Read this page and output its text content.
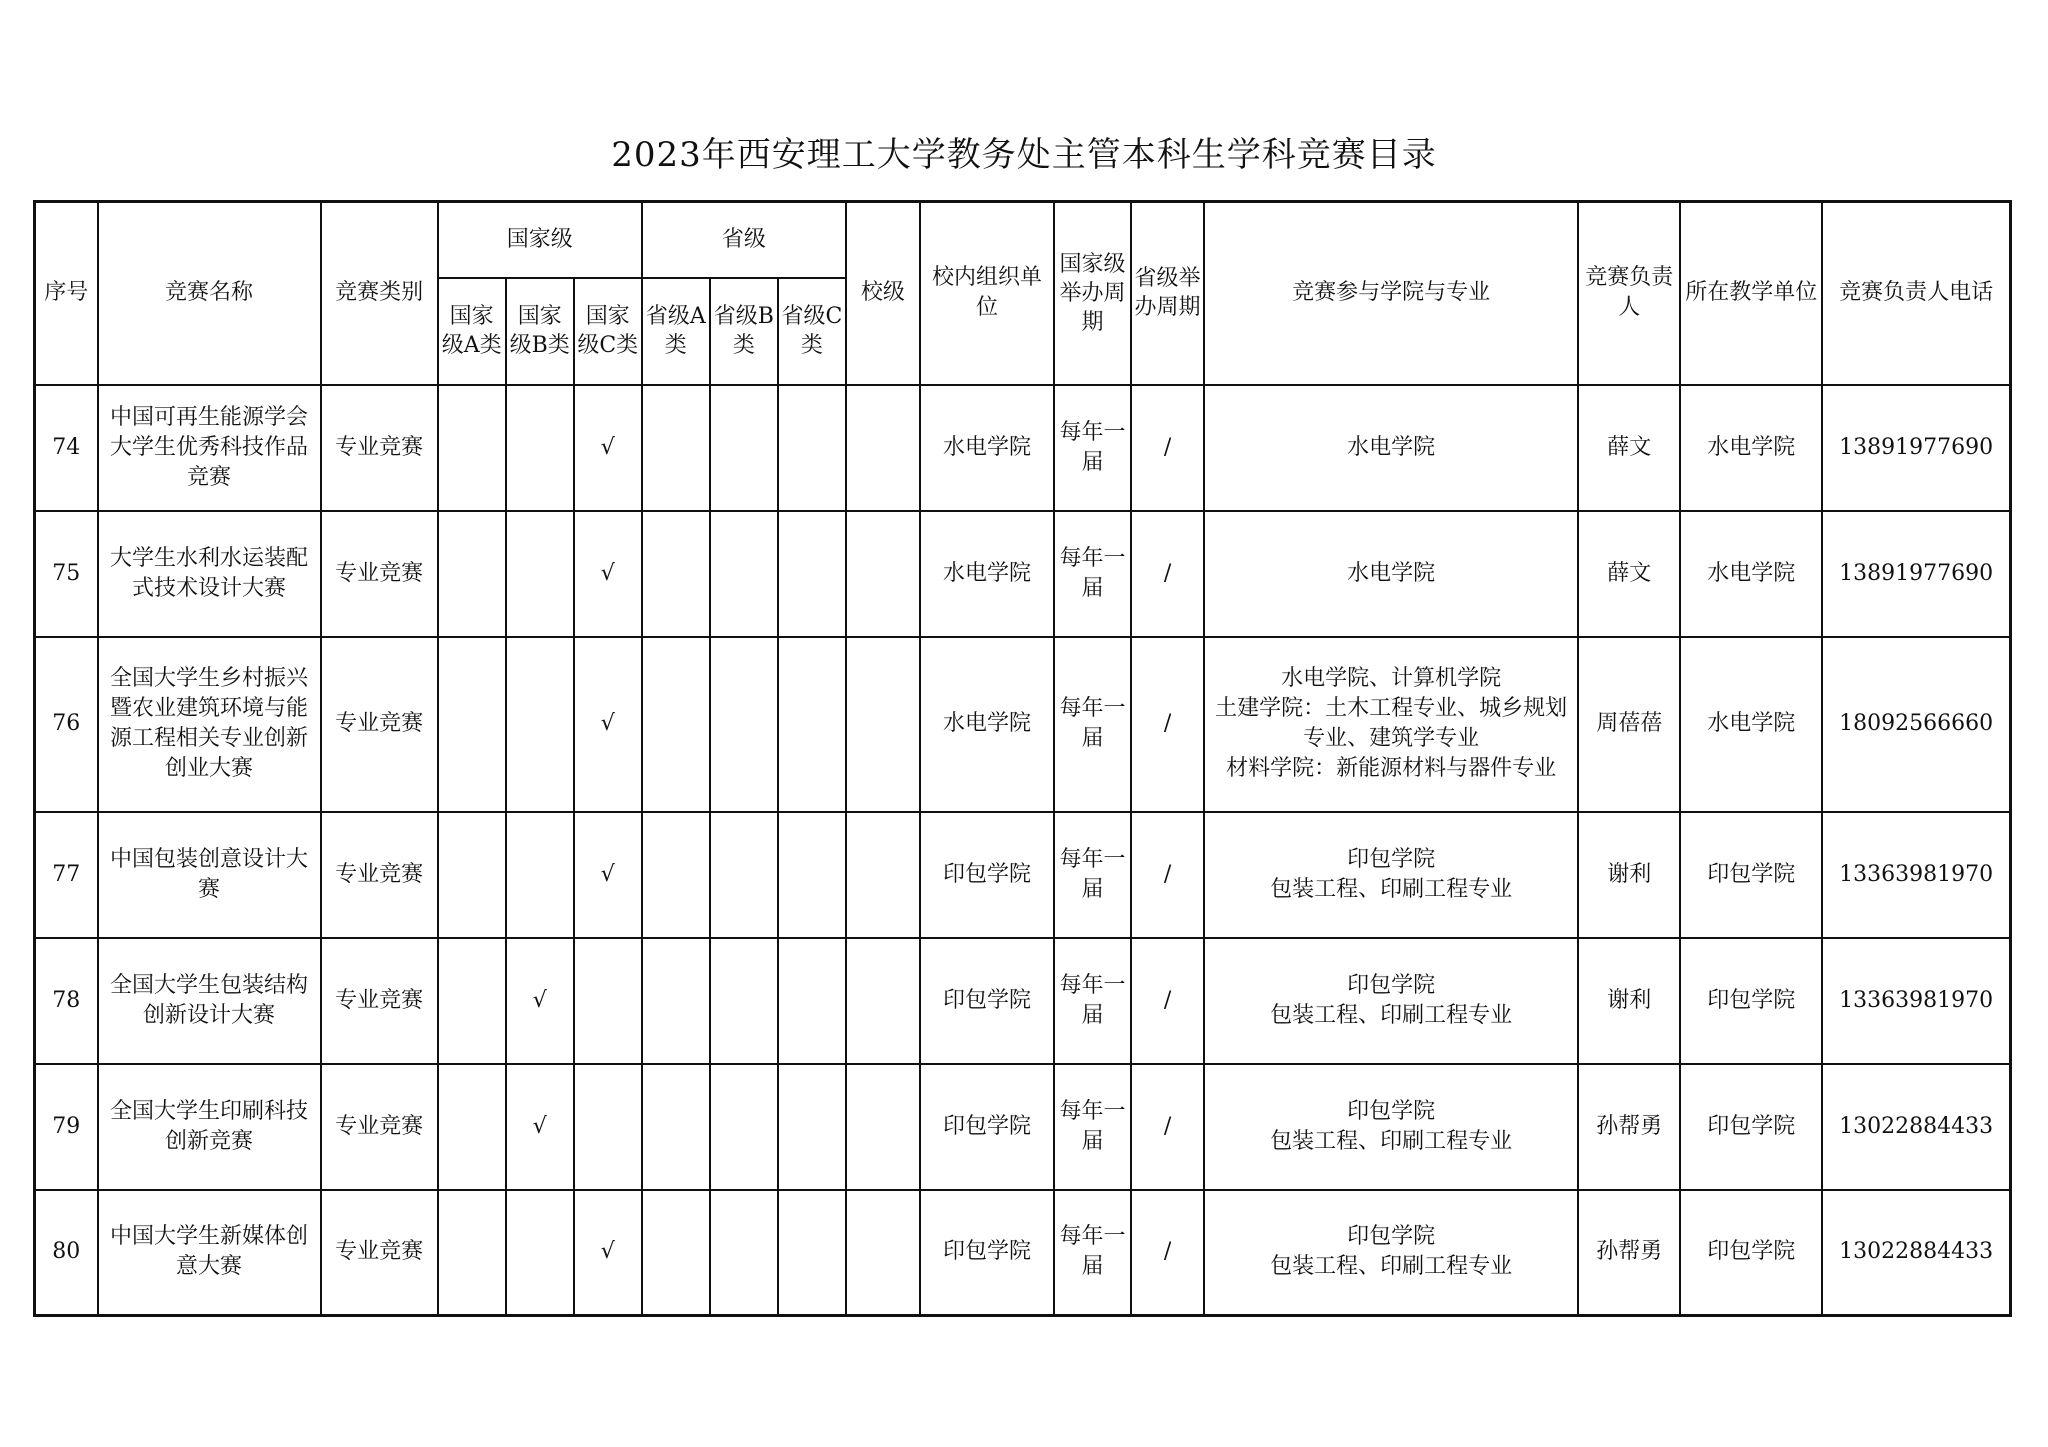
2023年西安理工大学教务处主管本科生学科竞赛目录
序号	竞赛名称	竞赛类别	国家级			省级			校级	校内组织单位	国家级举办周期	省级举办周期	竞赛参与学院与专业	竞赛负责人	所在教学单位	竞赛负责人电话
			国家级A类	国家级B类	国家级C类	省级A类	省级B类	省级C类								
74	中国可再生能源学会大学生优秀科技作品竞赛	专业竞赛			√					水电学院	每年一届	/	水电学院	薛文	水电学院	13891977690
75	大学生水利水运装配式技术设计大赛	专业竞赛			√					水电学院	每年一届	/	水电学院	薛文	水电学院	13891977690
76	全国大学生乡村振兴暨农业建筑环境与能源工程相关专业创新创业大赛	专业竞赛			√					水电学院	每年一届	/	水电学院、计算机学院
土建学院：土木工程专业、城乡规划专业、建筑学专业
材料学院：新能源材料与器件专业	周蓓蓓	水电学院	18092566660
77	中国包装创意设计大赛	专业竞赛			√					印包学院	每年一届	/	印包学院
包装工程、印刷工程专业	谢利	印包学院	13363981970
78	全国大学生包装结构创新设计大赛	专业竞赛		√						印包学院	每年一届	/	印包学院
包装工程、印刷工程专业	谢利	印包学院	13363981970
79	全国大学生印刷科技创新竞赛	专业竞赛		√						印包学院	每年一届	/	印包学院
包装工程、印刷工程专业	孙帮勇	印包学院	13022884433
80	中国大学生新媒体创意大赛	专业竞赛			√					印包学院	每年一届	/	印包学院
包装工程、印刷工程专业	孙帮勇	印包学院	13022884433
